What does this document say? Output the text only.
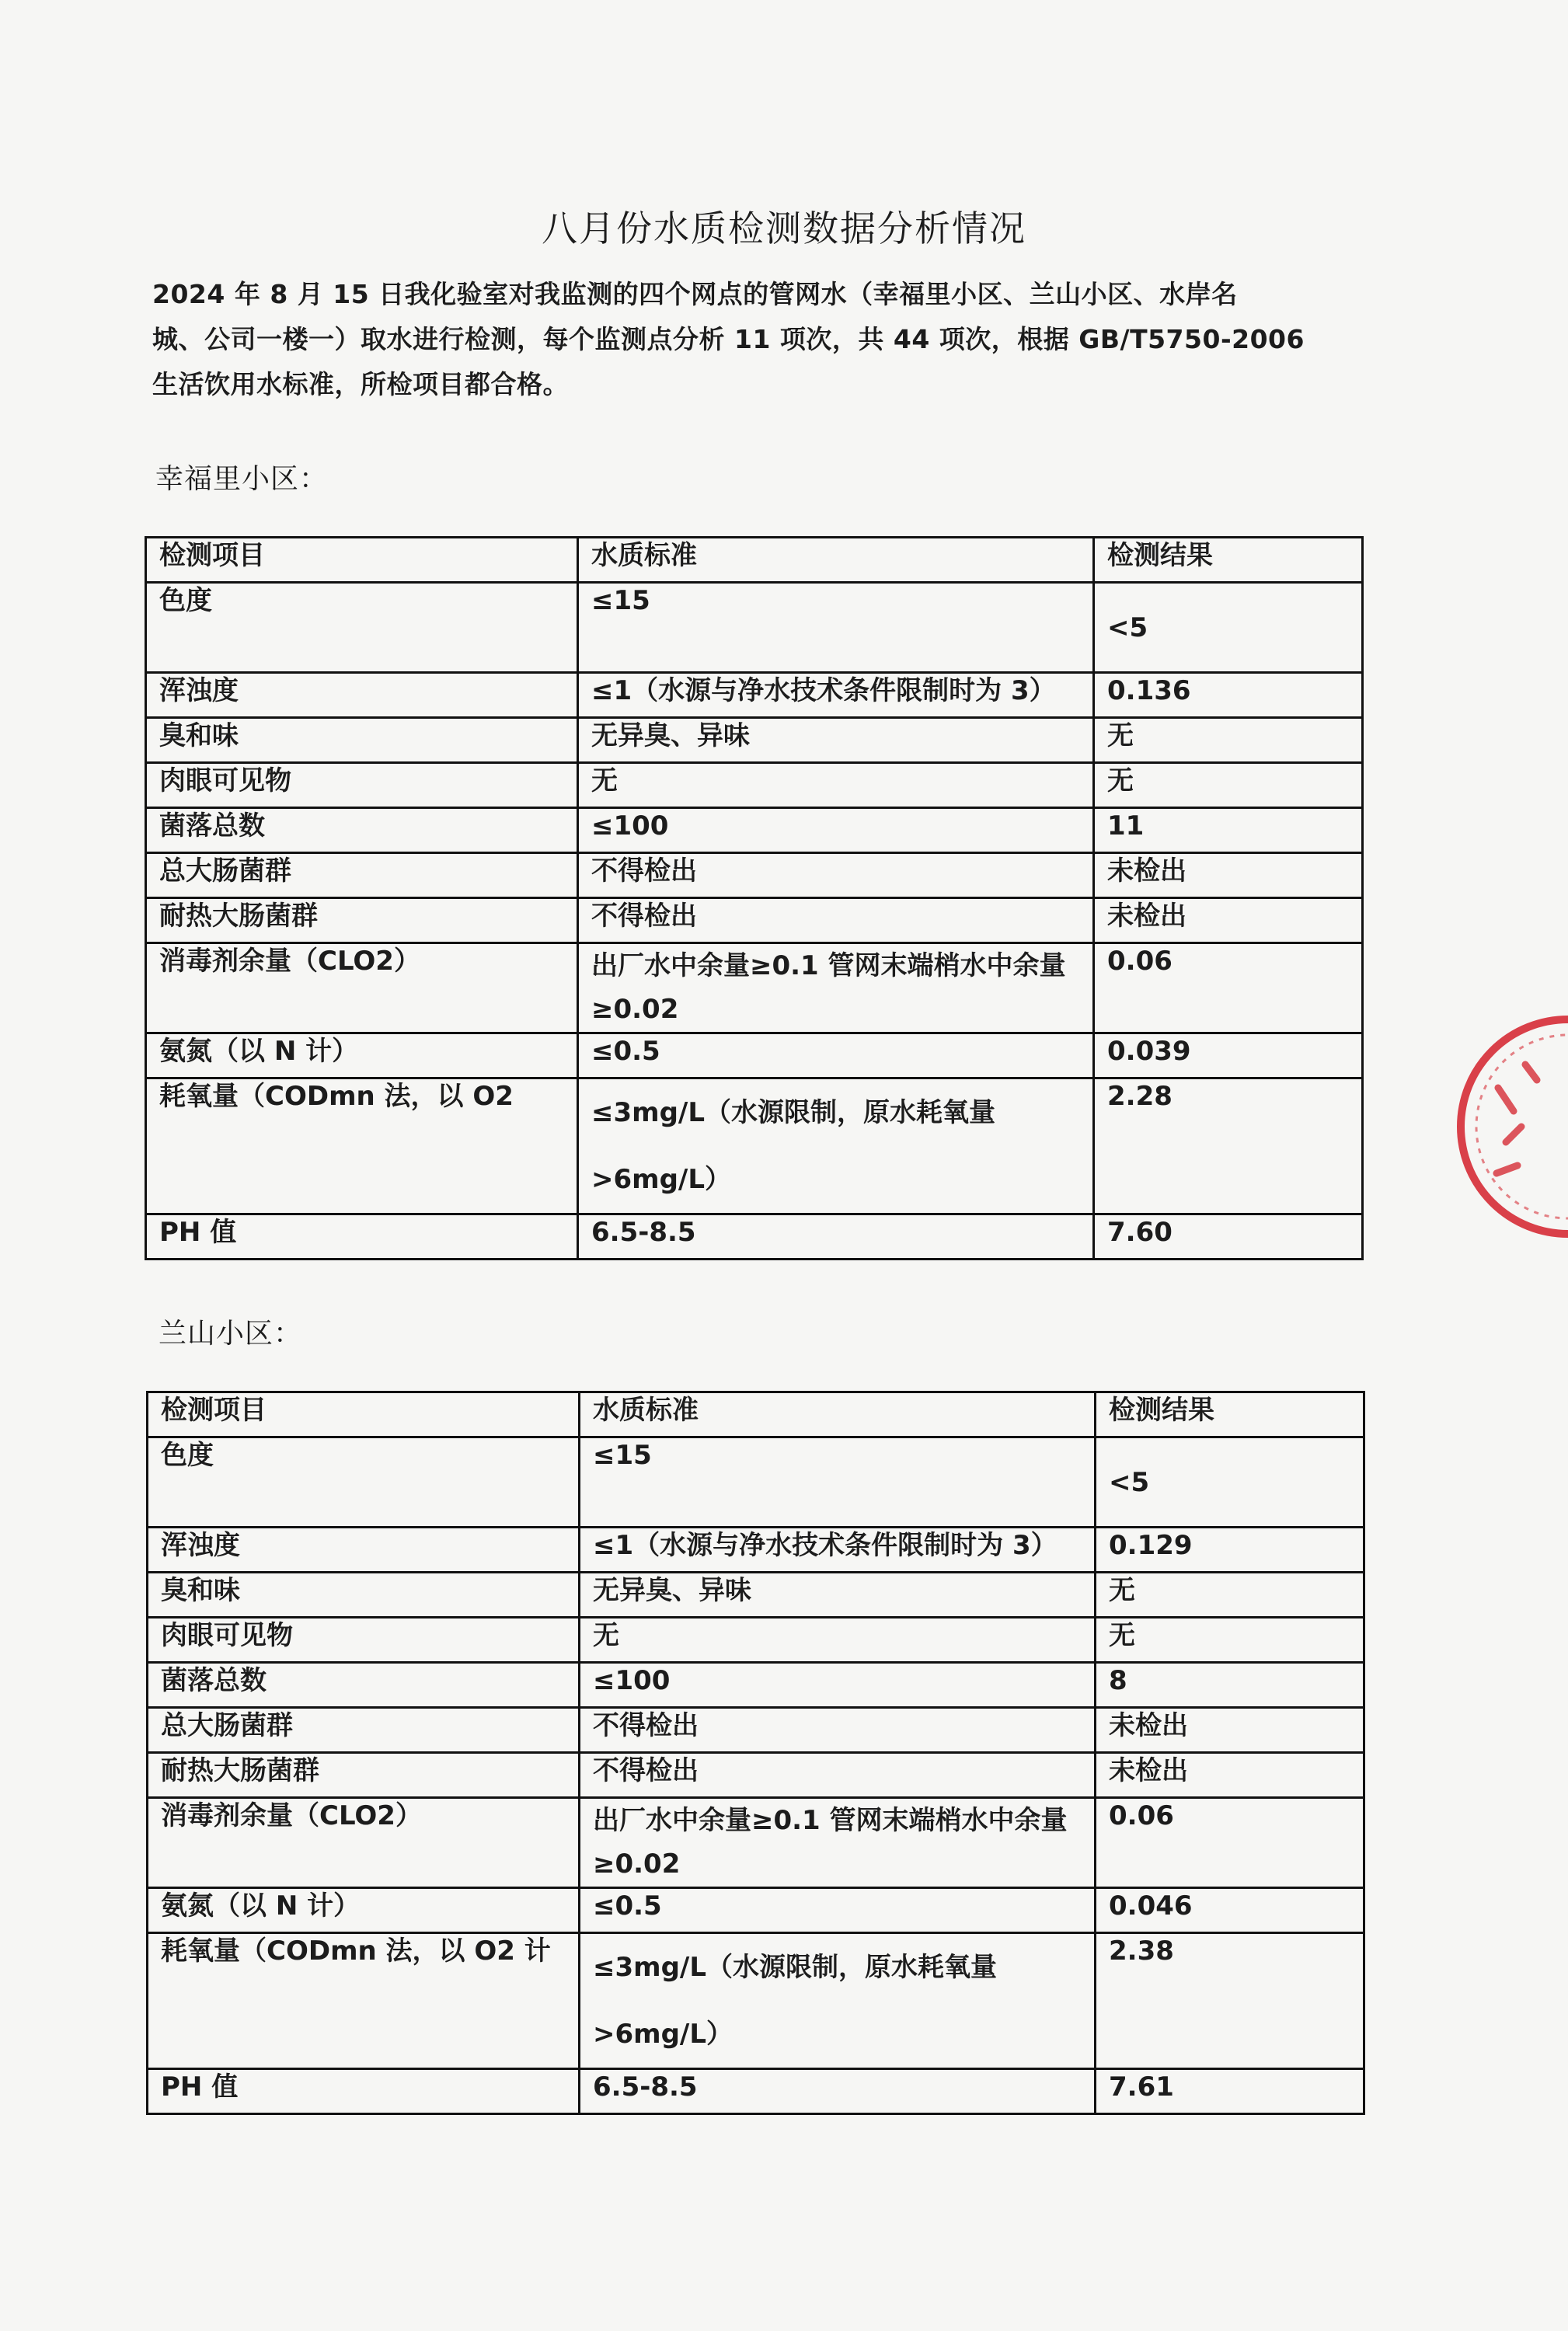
八月份水质检测数据分析情况

2024 年 8 月 15 日我化验室对我监测的四个网点的管网水（幸福里小区、兰山小区、水岸名

城、公司一楼一）取水进行检测，每个监测点分析 11 项次，共 44 项次，根据 GB/T5750-2006

生活饮用水标准，所检项目都合格。

幸福里小区：
检测项目	水质标准	检测结果
色度	≤15	<5
浑浊度	≤1（水源与净水技术条件限制时为 3）	0.136
臭和味	无异臭、异味	无
肉眼可见物	无	无
菌落总数	≤100	11
总大肠菌群	不得检出	未检出
耐热大肠菌群	不得检出	未检出
消毒剂余量（CLO2）	出厂水中余量≥0.1 管网末端梢水中余量≥0.02	0.06
氨氮（以 N 计）	≤0.5	0.039
耗氧量（CODmn 法，以 O2	≤3mg/L（水源限制，原水耗氧量>6mg/L）	2.28
PH 值	6.5-8.5	7.60
兰山小区：
检测项目	水质标准	检测结果
色度	≤15	<5
浑浊度	≤1（水源与净水技术条件限制时为 3）	0.129
臭和味	无异臭、异味	无
肉眼可见物	无	无
菌落总数	≤100	8
总大肠菌群	不得检出	未检出
耐热大肠菌群	不得检出	未检出
消毒剂余量（CLO2）	出厂水中余量≥0.1 管网末端梢水中余量≥0.02	0.06
氨氮（以 N 计）	≤0.5	0.046
耗氧量（CODmn 法，以 O2 计	≤3mg/L（水源限制，原水耗氧量>6mg/L）	2.38
PH 值	6.5-8.5	7.61
